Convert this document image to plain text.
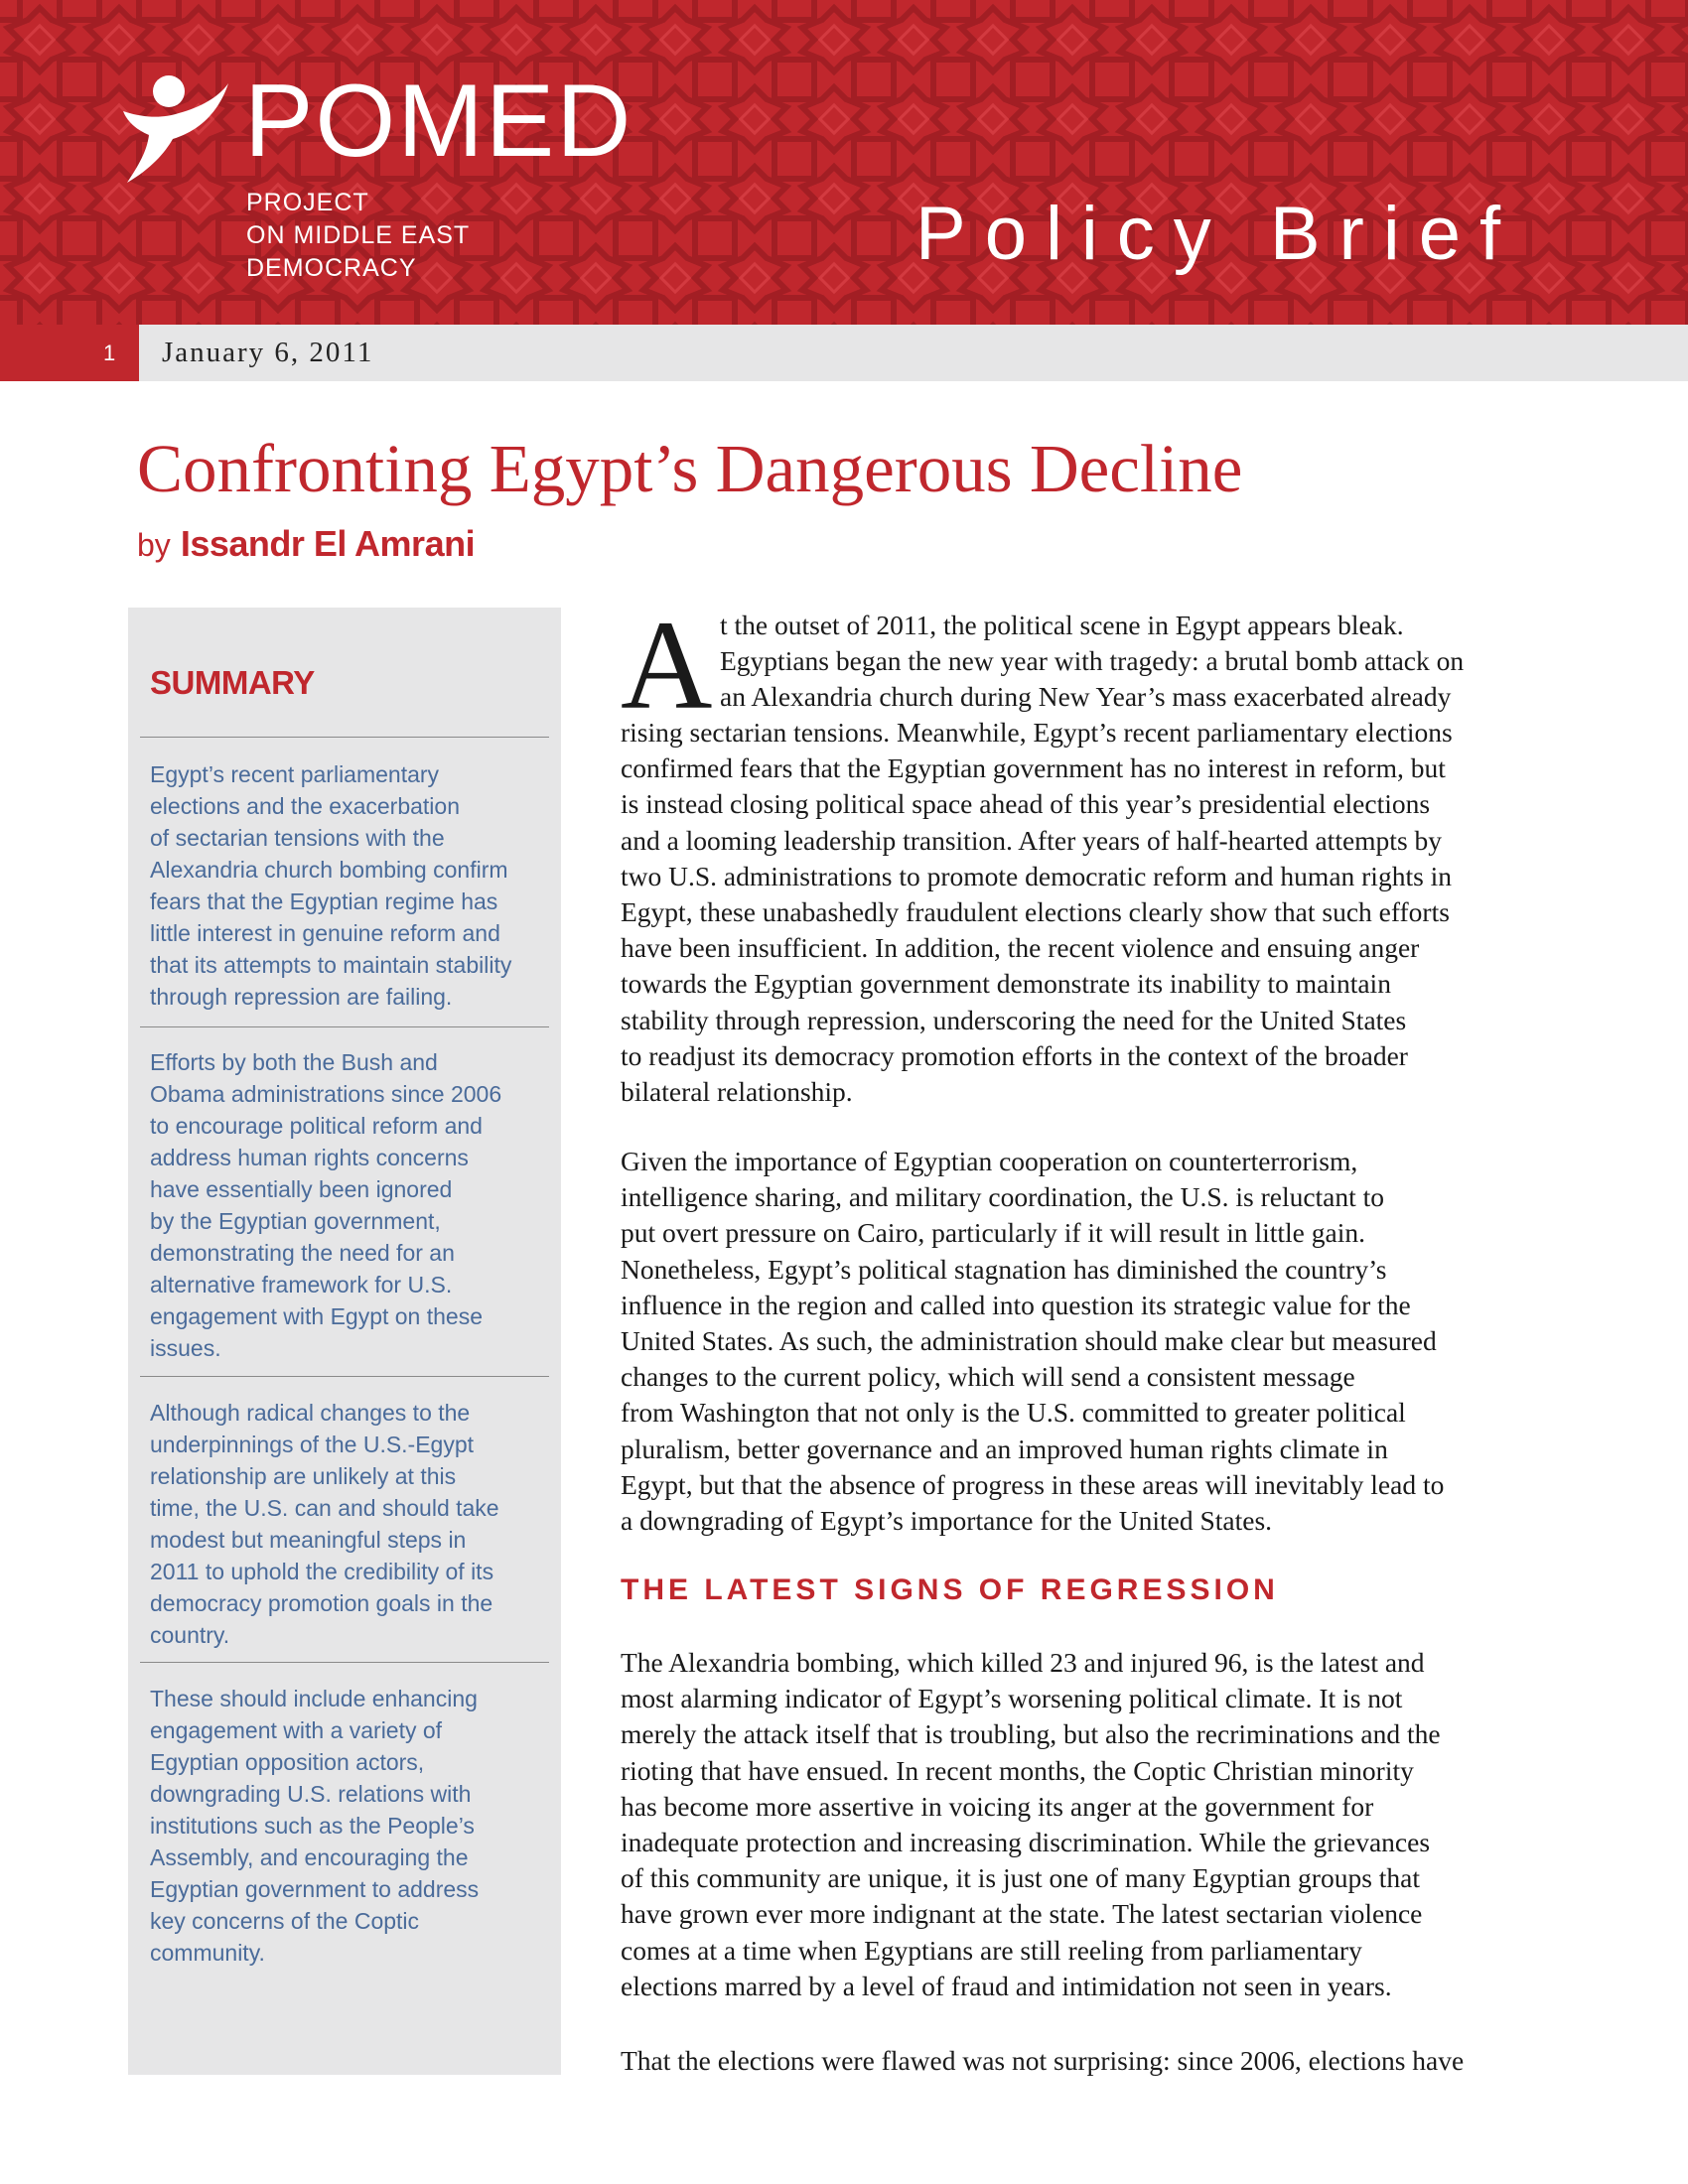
POMED
PROJECT
ON MIDDLE EAST
DEMOCRACY	Policy Brief
1	January 6, 2011
Confronting Egypt’s Dangerous Decline
by Issandr El Amrani
SUMMARY
Egypt’s recent parliamentary
elections and the exacerbation
of sectarian tensions with the
Alexandria church bombing confirm
fears that the Egyptian regime has
little interest in genuine reform and
that its attempts to maintain stability
through repression are failing.
Efforts by both the Bush and
Obama administrations since 2006
to encourage political reform and
address human rights concerns
have essentially been ignored
by the Egyptian government,
demonstrating the need for an
alternative framework for U.S.
engagement with Egypt on these
issues.
Although radical changes to the
underpinnings of the U.S.-Egypt
relationship are unlikely at this
time, the U.S. can and should take
modest but meaningful steps in
2011 to uphold the credibility of its
democracy promotion goals in the
country.
These should include enhancing
engagement with a variety of
Egyptian opposition actors,
downgrading U.S. relations with
institutions such as the People’s
Assembly, and encouraging the
Egyptian government to address
key concerns of the Coptic
community.
A t the outset of 2011, the political scene in Egypt appears bleak.
Egyptians began the new year with tragedy: a brutal bomb attack on
an Alexandria church during New Year’s mass exacerbated already
rising sectarian tensions. Meanwhile, Egypt’s recent parliamentary elections
confirmed fears that the Egyptian government has no interest in reform, but
is instead closing political space ahead of this year’s presidential elections
and a looming leadership transition. After years of half-hearted attempts by
two U.S. administrations to promote democratic reform and human rights in
Egypt, these unabashedly fraudulent elections clearly show that such efforts
have been insufficient. In addition, the recent violence and ensuing anger
towards the Egyptian government demonstrate its inability to maintain
stability through repression, underscoring the need for the United States
to readjust its democracy promotion efforts in the context of the broader
bilateral relationship.
Given the importance of Egyptian cooperation on counterterrorism,
intelligence sharing, and military coordination, the U.S. is reluctant to
put overt pressure on Cairo, particularly if it will result in little gain.
Nonetheless, Egypt’s political stagnation has diminished the country’s
influence in the region and called into question its strategic value for the
United States. As such, the administration should make clear but measured
changes to the current policy, which will send a consistent message
from Washington that not only is the U.S. committed to greater political
pluralism, better governance and an improved human rights climate in
Egypt, but that the absence of progress in these areas will inevitably lead to
a downgrading of Egypt’s importance for the United States.
THE LATEST SIGNS OF REGRESSION
The Alexandria bombing, which killed 23 and injured 96, is the latest and
most alarming indicator of Egypt’s worsening political climate. It is not
merely the attack itself that is troubling, but also the recriminations and the
rioting that have ensued. In recent months, the Coptic Christian minority
has become more assertive in voicing its anger at the government for
inadequate protection and increasing discrimination. While the grievances
of this community are unique, it is just one of many Egyptian groups that
have grown ever more indignant at the state. The latest sectarian violence
comes at a time when Egyptians are still reeling from parliamentary
elections marred by a level of fraud and intimidation not seen in years.
That the elections were flawed was not surprising: since 2006, elections have
